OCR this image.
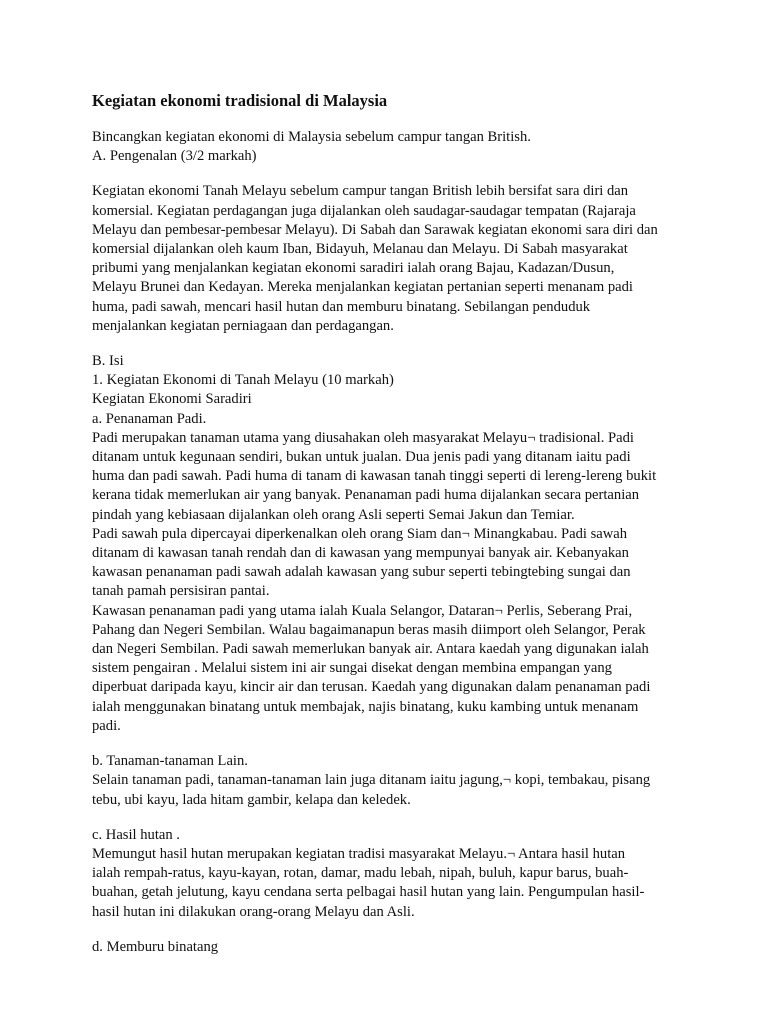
Kegiatan ekonomi tradisional di Malaysia
Bincangkan kegiatan ekonomi di Malaysia sebelum campur tangan British.
A. Pengenalan (3/2 markah)
Kegiatan ekonomi Tanah Melayu sebelum campur tangan British lebih bersifat sara diri dan
komersial. Kegiatan perdagangan juga dijalankan oleh saudagar-saudagar tempatan (Rajaraja
Melayu dan pembesar-pembesar Melayu). Di Sabah dan Sarawak kegiatan ekonomi sara diri dan
komersial dijalankan oleh kaum Iban, Bidayuh, Melanau dan Melayu. Di Sabah masyarakat
pribumi yang menjalankan kegiatan ekonomi saradiri ialah orang Bajau, Kadazan/Dusun,
Melayu Brunei dan Kedayan. Mereka menjalankan kegiatan pertanian seperti menanam padi
huma, padi sawah, mencari hasil hutan dan memburu binatang. Sebilangan penduduk
menjalankan kegiatan perniagaan dan perdagangan.
B. Isi
1. Kegiatan Ekonomi di Tanah Melayu (10 markah)
Kegiatan Ekonomi Saradiri
a. Penanaman Padi.
Padi merupakan tanaman utama yang diusahakan oleh masyarakat Melayu¬ tradisional. Padi
ditanam untuk kegunaan sendiri, bukan untuk jualan. Dua jenis padi yang ditanam iaitu padi
huma dan padi sawah. Padi huma di tanam di kawasan tanah tinggi seperti di lereng-lereng bukit
kerana tidak memerlukan air yang banyak. Penanaman padi huma dijalankan secara pertanian
pindah yang kebiasaan dijalankan oleh orang Asli seperti Semai Jakun dan Temiar.
Padi sawah pula dipercayai diperkenalkan oleh orang Siam dan¬ Minangkabau. Padi sawah
ditanam di kawasan tanah rendah dan di kawasan yang mempunyai banyak air. Kebanyakan
kawasan penanaman padi sawah adalah kawasan yang subur seperti tebingtebing sungai dan
tanah pamah persisiran pantai.
Kawasan penanaman padi yang utama ialah Kuala Selangor, Dataran¬ Perlis, Seberang Prai,
Pahang dan Negeri Sembilan. Walau bagaimanapun beras masih diimport oleh Selangor, Perak
dan Negeri Sembilan. Padi sawah memerlukan banyak air. Antara kaedah yang digunakan ialah
sistem pengairan . Melalui sistem ini air sungai disekat dengan membina empangan yang
diperbuat daripada kayu, kincir air dan terusan. Kaedah yang digunakan dalam penanaman padi
ialah menggunakan binatang untuk membajak, najis binatang, kuku kambing untuk menanam
padi.
b. Tanaman-tanaman Lain.
Selain tanaman padi, tanaman-tanaman lain juga ditanam iaitu jagung,¬ kopi, tembakau, pisang
tebu, ubi kayu, lada hitam gambir, kelapa dan keledek.
c. Hasil hutan .
Memungut hasil hutan merupakan kegiatan tradisi masyarakat Melayu.¬ Antara hasil hutan
ialah rempah-ratus, kayu-kayan, rotan, damar, madu lebah, nipah, buluh, kapur barus, buah-
buahan, getah jelutung, kayu cendana serta pelbagai hasil hutan yang lain. Pengumpulan hasil-
hasil hutan ini dilakukan orang-orang Melayu dan Asli.
d. Memburu binatang
